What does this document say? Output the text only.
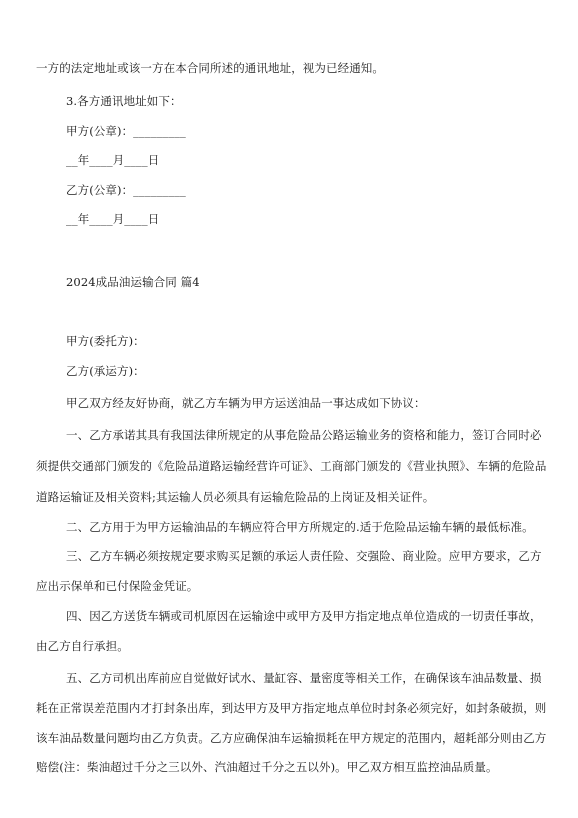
一方的法定地址或该一方在本合同所述的通讯地址，视为已经通知。
3.各方通讯地址如下：
甲方(公章)：_________
__年____月____日
乙方(公章)：_________
__年____月____日
2024成品油运输合同 篇4
甲方(委托方)：
乙方(承运方)：
甲乙双方经友好协商，就乙方车辆为甲方运送油品一事达成如下协议：
一、乙方承诺其具有我国法律所规定的从事危险品公路运输业务的资格和能力，签订合同时必
须提供交通部门颁发的《危险品道路运输经营许可证》、工商部门颁发的《营业执照》、车辆的危险品
道路运输证及相关资料;其运输人员必须具有运输危险品的上岗证及相关证件。
二、乙方用于为甲方运输油品的车辆应符合甲方所规定的.适于危险品运输车辆的最低标准。
三、乙方车辆必须按规定要求购买足额的承运人责任险、交强险、商业险。应甲方要求，乙方
应出示保单和已付保险金凭证。
四、因乙方送货车辆或司机原因在运输途中或甲方及甲方指定地点单位造成的一切责任事故，
由乙方自行承担。
五、乙方司机出库前应自觉做好试水、量缸容、量密度等相关工作，在确保该车油品数量、损
耗在正常误差范围内才打封条出库，到达甲方及甲方指定地点单位时封条必须完好，如封条破损，则
该车油品数量问题均由乙方负责。乙方应确保油车运输损耗在甲方规定的范围内，超耗部分则由乙方
赔偿(注：柴油超过千分之三以外、汽油超过千分之五以外)。甲乙双方相互监控油品质量。
